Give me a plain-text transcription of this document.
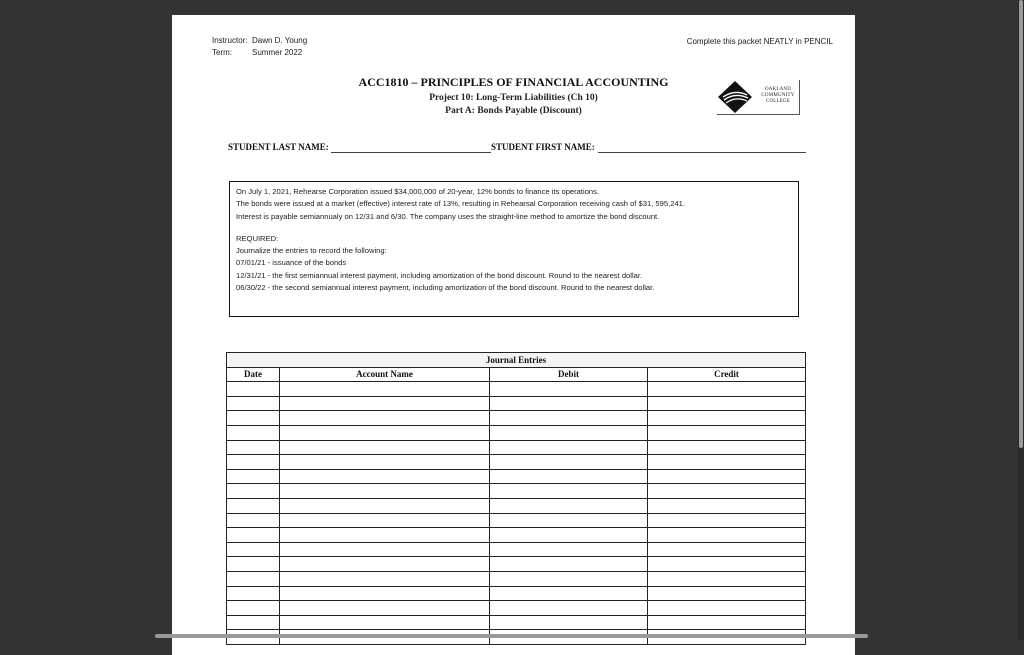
Instructor: Dawn D. Young
Term:	Summer 2022
Complete this packet NEATLY in PENCIL
ACC1810 – PRINCIPLES OF FINANCIAL ACCOUNTING
Project 10: Long-Term Liabilities (Ch 10)
Part A: Bonds Payable (Discount)
OAKLAND
COMMUNITY
COLLEGE
STUDENT LAST NAME:	STUDENT FIRST NAME:
On July 1, 2021, Rehearse Corporation issued $34,000,000 of 20-year, 12% bonds to finance its operations.
The bonds were issued at a market (effective) interest rate of 13%, resulting in Rehearsal Corporation receiving cash of $31, 595,241.
Interest is payable semiannualy on 12/31 and 6/30. The company uses the straight-line method to amortize the bond discount.
REQUIRED:
Journalize the entries to record the following:
07/01/21 - issuance of the bonds
12/31/21 - the first semiannual interest payment, including amortization of the bond discount. Round to the nearest dollar.
06/30/22 - the second semiannual interest payment, including amortization of the bond discount. Round to the nearest dollar.
Journal Entries			
Date	Account Name	Debit	Credit
